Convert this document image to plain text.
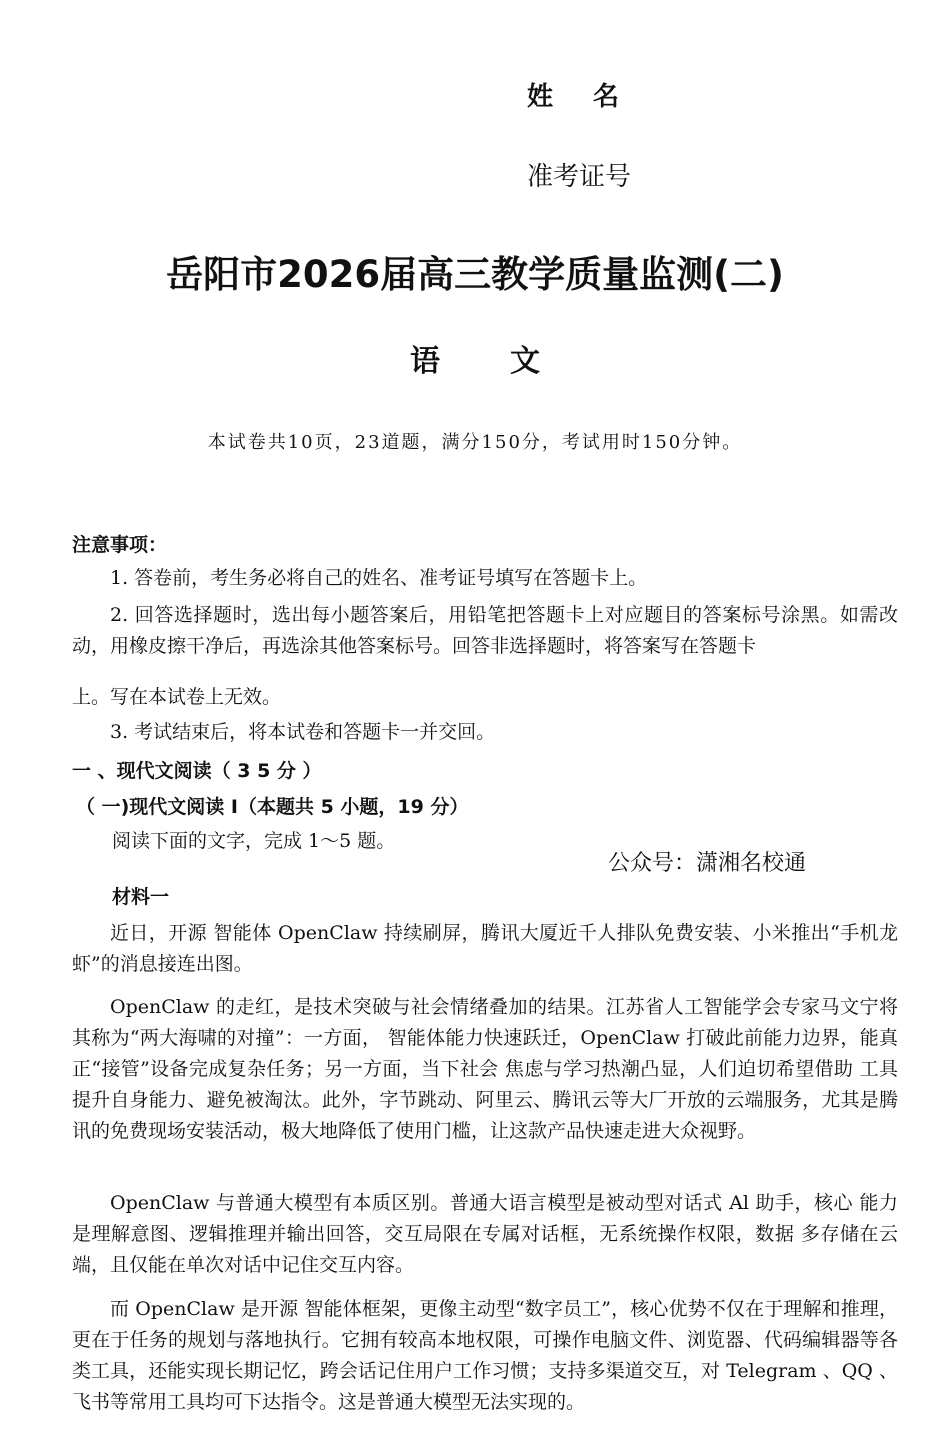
姓名
准考证号
岳阳市2026届高三教学质量监测(二)
语文
本试卷共10页，23道题，满分150分，考试用时150分钟。
注意事项：
1. 答卷前，考生务必将自己的姓名、准考证号填写在答题卡上。
2. 回答选择题时，选出每小题答案后，用铅笔把答题卡上对应题目的答案标号涂黑。如需改动，用橡皮擦干净后，再选涂其他答案标号。回答非选择题时，将答案写在答题卡
上。写在本试卷上无效。
3. 考试结束后，将本试卷和答题卡一并交回。
一 、现代文阅读（ 3 5 分 ）
（ 一)现代文阅读 I（本题共 5 小题，19 分）
阅读下面的文字，完成 1～5 题。
公众号：潇湘名校通
材料一
近日，开源 智能体 OpenClaw 持续刷屏，腾讯大厦近千人排队免费安装、小米推出“手机龙虾”的消息接连出图。
OpenClaw 的走红，是技术突破与社会情绪叠加的结果。江苏省人工智能学会专家马文宁将其称为“两大海啸的对撞”：一方面， 智能体能力快速跃迁，OpenClaw 打破此前能力边界，能真正“接管”设备完成复杂任务；另一方面，当下社会 焦虑与学习热潮凸显，人们迫切希望借助 工具提升自身能力、避免被淘汰。此外，字节跳动、阿里云、腾讯云等大厂开放的云端服务，尤其是腾讯的免费现场安装活动，极大地降低了使用门槛，让这款产品快速走进大众视野。
OpenClaw 与普通大模型有本质区别。普通大语言模型是被动型对话式 Al 助手，核心 能力是理解意图、逻辑推理并输出回答，交互局限在专属对话框，无系统操作权限，数据 多存储在云端，且仅能在单次对话中记住交互内容。
而 OpenClaw 是开源 智能体框架，更像主动型“数字员工”，核心优势不仅在于理解和推理，更在于任务的规划与落地执行。它拥有较高本地权限，可操作电脑文件、浏览器、代码编辑器等各类工具，还能实现长期记忆，跨会话记住用户工作习惯；支持多渠道交互，对 Telegram 、QQ 、 飞书等常用工具均可下达指令。这是普通大模型无法实现的。
